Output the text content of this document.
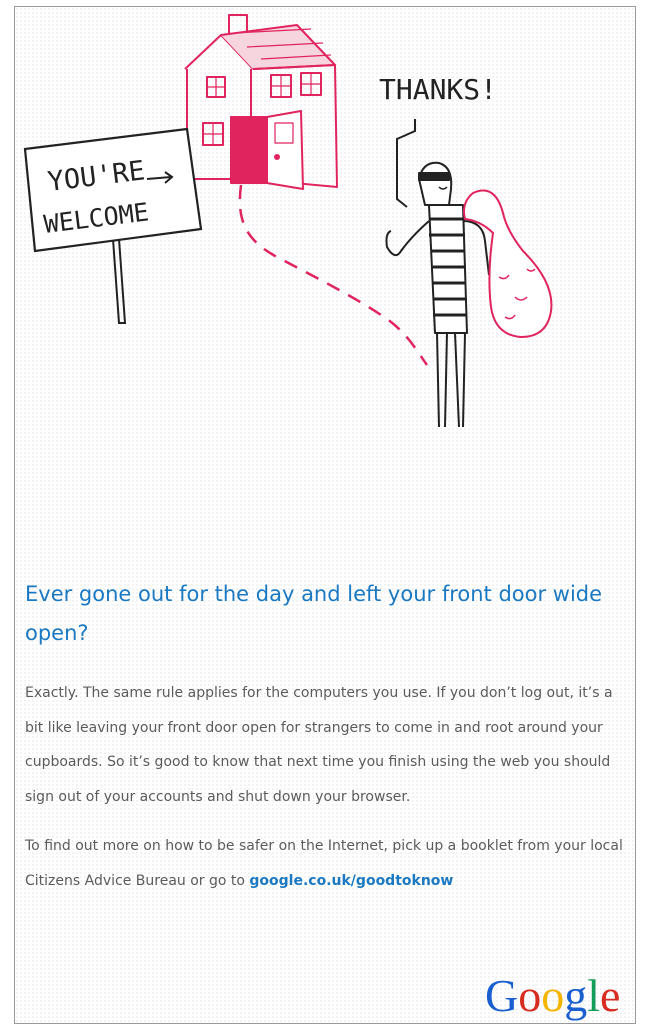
YOU'RE
WELCOME
THANKS!
Ever gone out for the day and left your front door wide open?

Exactly. The same rule applies for the computers you use. If you don’t log out, it’s a bit like leaving your front door open for strangers to come in and root around your cupboards. So it’s good to know that next time you finish using the web you should sign out of your accounts and shut down your browser.

To find out more on how to be safer on the Internet, pick up a booklet from your local Citizens Advice Bureau or go to google.co.uk/goodtoknow

Google
